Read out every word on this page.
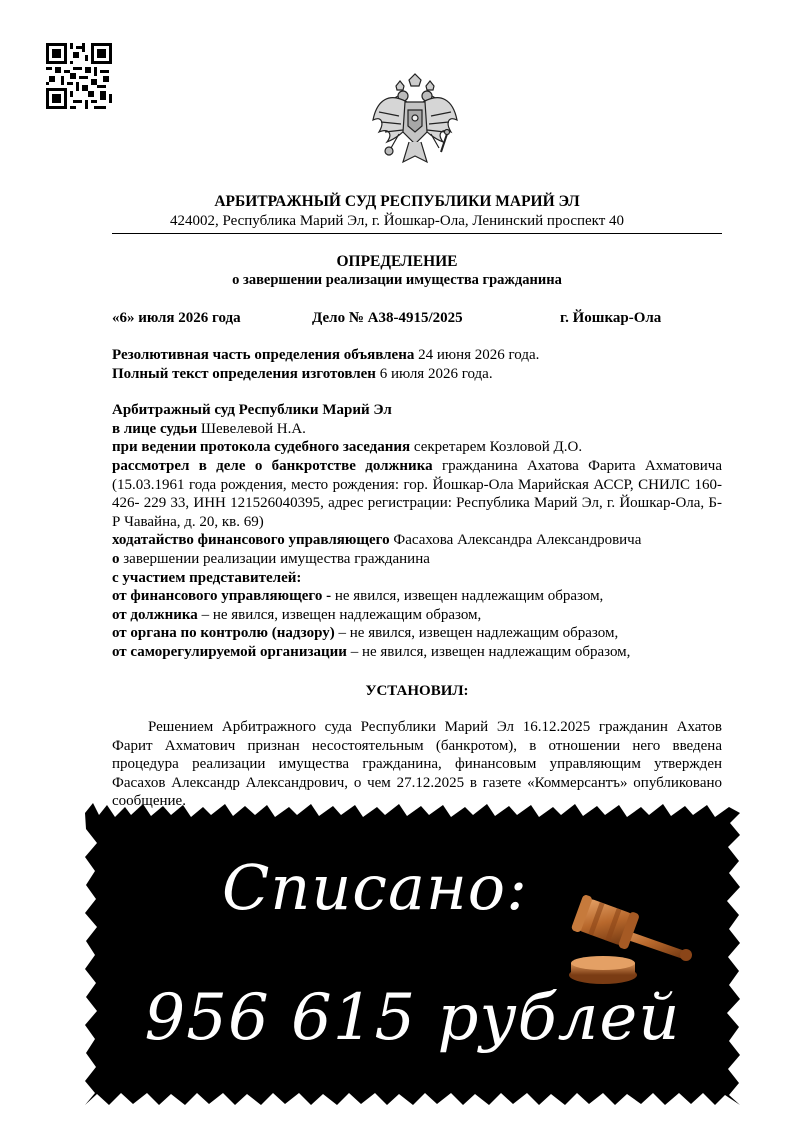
АРБИТРАЖНЫЙ СУД РЕСПУБЛИКИ МАРИЙ ЭЛ
424002, Республика Марий Эл, г. Йошкар-Ола, Ленинский проспект 40
ОПРЕДЕЛЕНИЕ
о завершении реализации имущества гражданина
«6» июля 2026 года	Дело № А38-4915/2025	г. Йошкар-Ола

Резолютивная часть определения объявлена 24 июня 2026 года.

Полный текст определения изготовлен 6 июля 2026 года.

Арбитражный суд Республики Марий Эл

в лице судьи Шевелевой Н.А.

при ведении протокола судебного заседания секретарем Козловой Д.О.

рассмотрел в деле о банкротстве должника гражданина Ахатова Фарита Ахматовича (15.03.1961 года рождения, место рождения: гор. Йошкар-Ола Марийская АССР, СНИЛС 160-426- 229 33, ИНН 121526040395, адрес регистрации: Республика Марий Эл, г. Йошкар-Ола, Б-Р Чавайна, д. 20, кв. 69)

ходатайство финансового управляющего Фасахова Александра Александровича

о завершении реализации имущества гражданина

с участием представителей:

от финансового управляющего - не явился, извещен надлежащим образом,

от должника – не явился, извещен надлежащим образом,

от органа по контролю (надзору) – не явился, извещен надлежащим образом,

от саморегулируемой организации – не явился, извещен надлежащим образом,

УСТАНОВИЛ:

Решением Арбитражного суда Республики Марий Эл 16.12.2025 гражданин Ахатов Фарит Ахматович признан несостоятельным (банкротом), в отношении него введена процедура реализации имущества гражданина, финансовым управляющим утвержден Фасахов Александр Александрович, о чем 27.12.2025 в газете «Коммерсантъ» опубликовано сообщение.

Списано:
956 615 рублей
